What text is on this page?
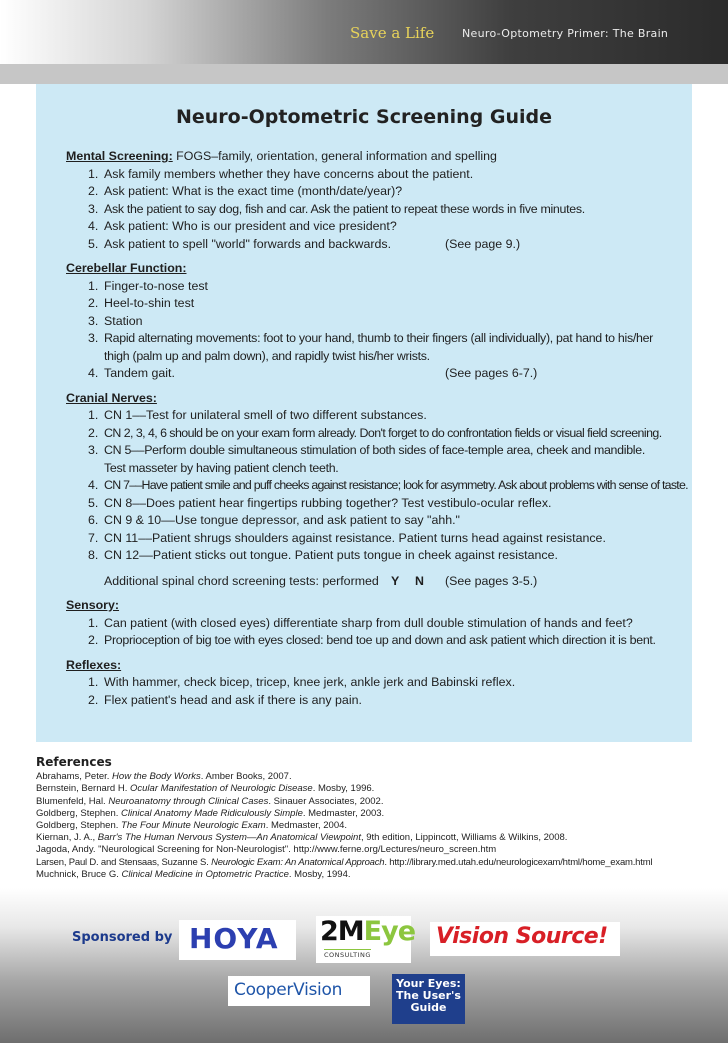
Save a Life	Neuro-Optometry Primer: The Brain
Neuro-Optometric Screening Guide
Mental Screening: FOGS–family, orientation, general information and spelling
1. Ask family members whether they have concerns about the patient.
2. Ask patient: What is the exact time (month/date/year)?
3. Ask the patient to say dog, fish and car. Ask the patient to repeat these words in five minutes.
4. Ask patient: Who is our president and vice president?
5. Ask patient to spell "world" forwards and backwards.	(See page 9.)
Cerebellar Function:
1. Finger-to-nose test
2. Heel-to-shin test
3. Station
3. Rapid alternating movements: foot to your hand, thumb to their fingers (all individually), pat hand to his/her thigh (palm up and palm down), and rapidly twist his/her wrists.
4. Tandem gait.	(See pages 6-7.)
Cranial Nerves:
1. CN 1––Test for unilateral smell of two different substances.
2. CN 2, 3, 4, 6 should be on your exam form already. Don't forget to do confrontation fields or visual field screening.
3. CN 5––Perform double simultaneous stimulation of both sides of face-temple area, cheek and mandible. Test masseter by having patient clench teeth.
4. CN 7––Have patient smile and puff cheeks against resistance; look for asymmetry. Ask about problems with sense of taste.
5. CN 8––Does patient hear fingertips rubbing together? Test vestibulo-ocular reflex.
6. CN 9 & 10––Use tongue depressor, and ask patient to say "ahh."
7. CN 11––Patient shrugs shoulders against resistance. Patient turns head against resistance.
8. CN 12––Patient sticks out tongue. Patient puts tongue in cheek against resistance.
Additional spinal chord screening tests: performed Y N (See pages 3-5.)
Sensory:
1. Can patient (with closed eyes) differentiate sharp from dull double stimulation of hands and feet?
2. Proprioception of big toe with eyes closed: bend toe up and down and ask patient which direction it is bent.
Reflexes:
1. With hammer, check bicep, tricep, knee jerk, ankle jerk and Babinski reflex.
2. Flex patient's head and ask if there is any pain.
References
Abrahams, Peter. How the Body Works. Amber Books, 2007.
Bernstein, Bernard H. Ocular Manifestation of Neurologic Disease. Mosby, 1996.
Blumenfeld, Hal. Neuroanatomy through Clinical Cases. Sinauer Associates, 2002.
Goldberg, Stephen. Clinical Anatomy Made Ridiculously Simple. Medmaster, 2003.
Goldberg, Stephen. The Four Minute Neurologic Exam. Medmaster, 2004.
Kiernan, J. A., Barr's The Human Nervous System—An Anatomical Viewpoint, 9th edition, Lippincott, Williams & Wilkins, 2008.
Jagoda, Andy. "Neurological Screening for Non-Neurologist". http://www.ferne.org/Lectures/neuro_screen.htm
Larsen, Paul D. and Stensaas, Suzanne S. Neurologic Exam: An Anatomical Approach. http://library.med.utah.edu/neurologicexam/html/home_exam.html
Muchnick, Bruce G. Clinical Medicine in Optometric Practice. Mosby, 1994.
Sponsored by HOYA 2MEye
CONSULTING
Vision Source!
CooperVision	Your Eyes:
The User's
Guide
